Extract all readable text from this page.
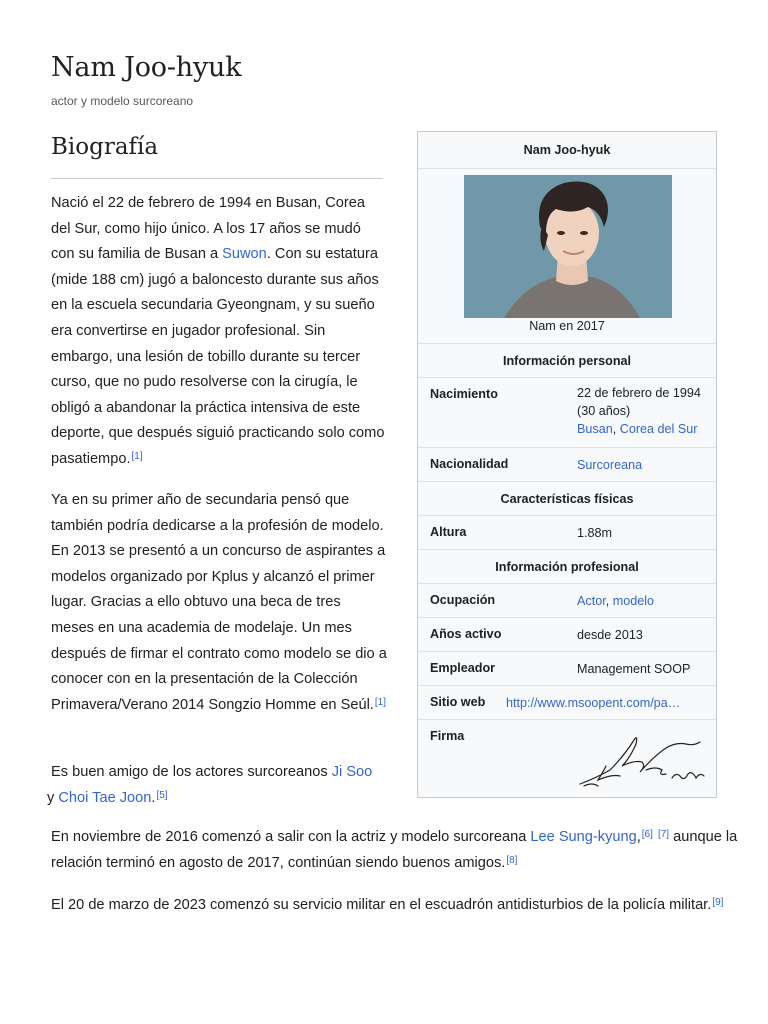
Nam Joo-hyuk
actor y modelo surcoreano
Biografía
Nació el 22 de febrero de 1994 en Busan, Corea del Sur, como hijo único. A los 17 años se mudó con su familia de Busan a Suwon. Con su estatura (mide 188 cm) jugó a baloncesto durante sus años en la escuela secundaria Gyeongnam, y su sueño era convertirse en jugador profesional. Sin embargo, una lesión de tobillo durante su tercer curso, que no pudo resolverse con la cirugía, le obligó a abandonar la práctica intensiva de este deporte, que después siguió practicando solo como pasatiempo.[1]
Ya en su primer año de secundaria pensó que también podría dedicarse a la profesión de modelo. En 2013 se presentó a un concurso de aspirantes a modelos organizado por Kplus y alcanzó el primer lugar. Gracias a ello obtuvo una beca de tres meses en una academia de modelaje. Un mes después de firmar el contrato como modelo se dio a conocer con en la presentación de la Colección Primavera/Verano 2014 Songzio Homme en Seúl.[1]
Es buen amigo de los actores surcoreanos Ji Soo
y Choi Tae Joon.[5]
En noviembre de 2016 comenzó a salir con la actriz y modelo surcoreana Lee Sung-kyung,[6] [7] aunque la relación terminó en agosto de 2017, continúan siendo buenos amigos.[8]
El 20 de marzo de 2023 comenzó su servicio militar en el escuadrón antidisturbios de la policía militar.[9]
Nam Joo-hyuk
Nam en 2017
Información personal
Nacimiento	22 de febrero de 1994 (30 años)
Busan, Corea del Sur
Nacionalidad	Surcoreana
Características físicas
Altura	1.88m
Información profesional
Ocupación	Actor, modelo
Años activo	desde 2013
Empleador	Management SOOP
Sitio web http://www.msoopent.com/pa…
Firma
